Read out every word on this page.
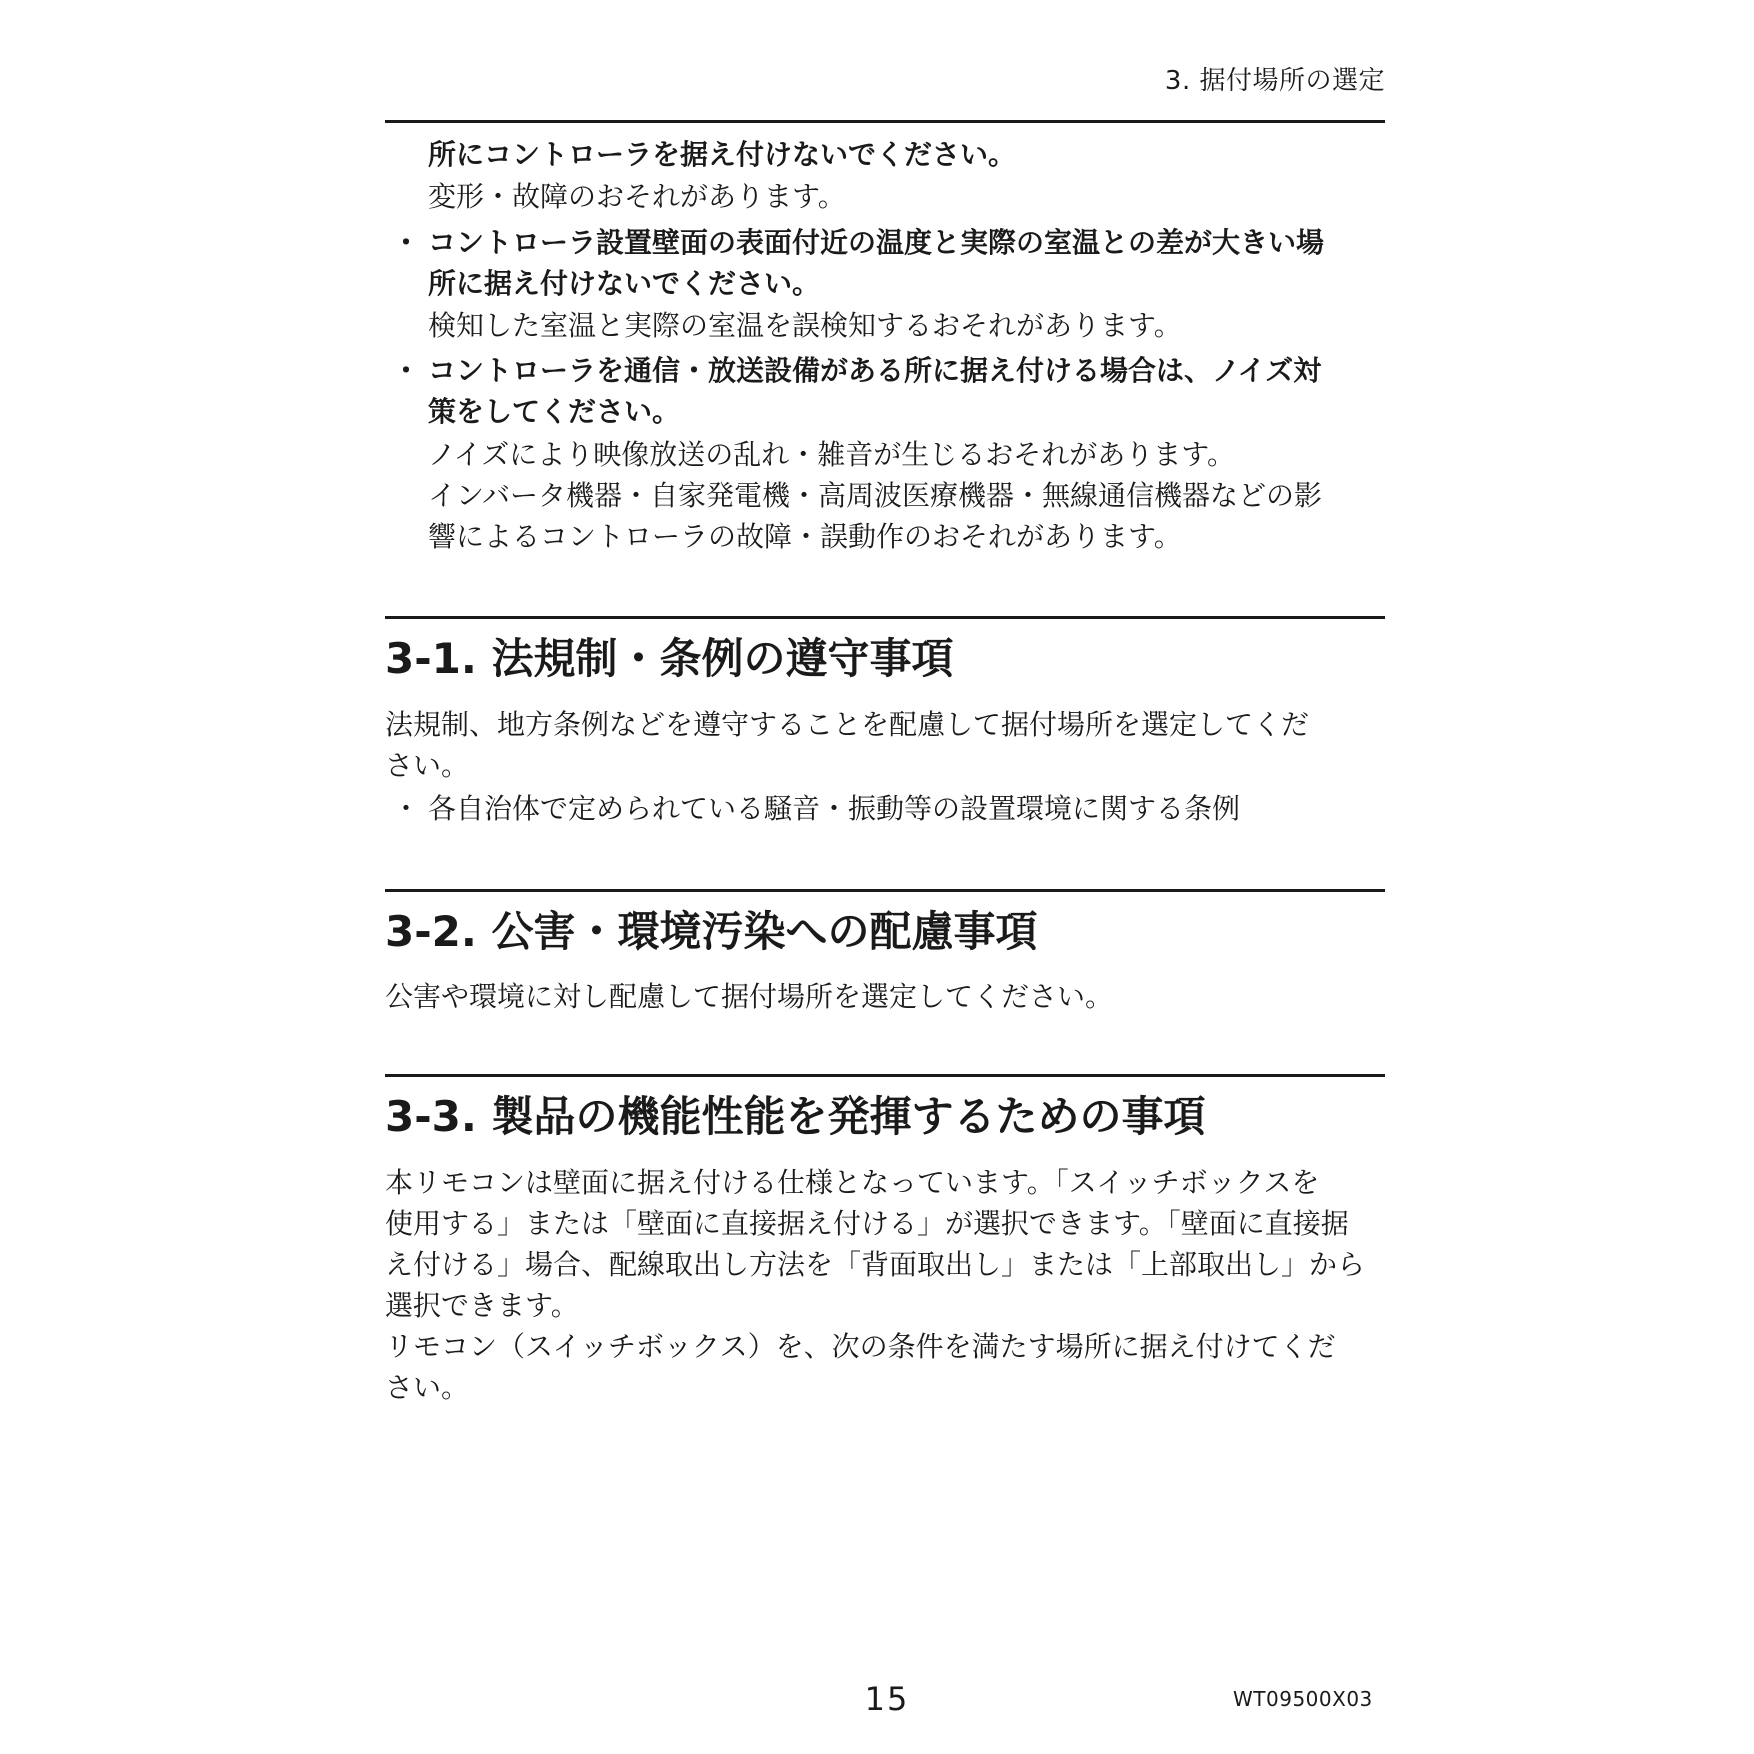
3. 据付場所の選定
所にコントローラを据え付けないでください。
変形・故障のおそれがあります。
・ コントローラ設置壁面の表面付近の温度と実際の室温との差が大きい場
所に据え付けないでください。
検知した室温と実際の室温を誤検知するおそれがあります。
・ コントローラを通信・放送設備がある所に据え付ける場合は、ノイズ対
策をしてください。
ノイズにより映像放送の乱れ・雑音が生じるおそれがあります。
インバータ機器・自家発電機・高周波医療機器・無線通信機器などの影
響によるコントローラの故障・誤動作のおそれがあります。
3-1. 法規制・条例の遵守事項
法規制、地方条例などを遵守することを配慮して据付場所を選定してくだ
さい。
・ 各自治体で定められている騒音・振動等の設置環境に関する条例
3-2. 公害・環境汚染への配慮事項
公害や環境に対し配慮して据付場所を選定してください。
3-3. 製品の機能性能を発揮するための事項
本リモコンは壁面に据え付ける仕様となっています。「スイッチボックスを
使用する」または「壁面に直接据え付ける」が選択できます。「壁面に直接据
え付ける」場合、配線取出し方法を「背面取出し」または「上部取出し」から
選択できます。
リモコン（スイッチボックス）を、次の条件を満たす場所に据え付けてくだ
さい。
15	WT09500X03
